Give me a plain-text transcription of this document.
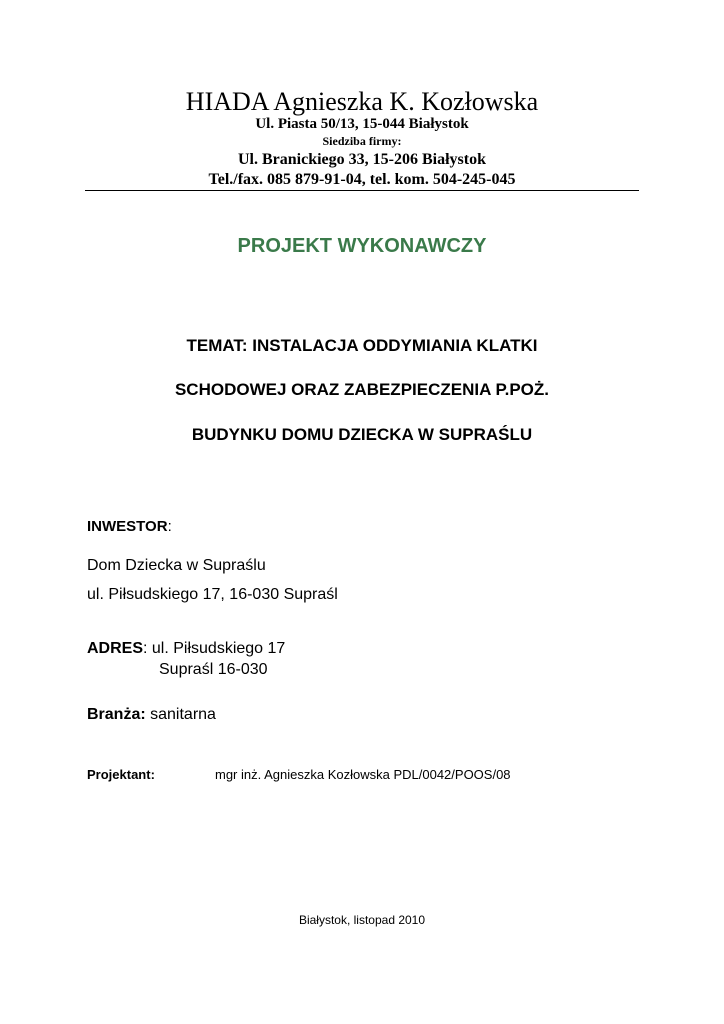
HIADA Agnieszka K. Kozłowska
Ul. Piasta 50/13, 15-044 Białystok
Siedziba firmy:
Ul. Branickiego 33, 15-206 Białystok
Tel./fax. 085 879-91-04, tel. kom. 504-245-045
PROJEKT WYKONAWCZY
TEMAT: INSTALACJA ODDYMIANIA KLATKI
SCHODOWEJ ORAZ ZABEZPIECZENIA P.POŻ.
BUDYNKU DOMU DZIECKA W SUPRAŚLU
INWESTOR:
Dom Dziecka w Supraślu
ul. Piłsudskiego 17, 16-030 Supraśl
ADRES: ul. Piłsudskiego 17
Supraśl 16-030
Branża: sanitarna
Projektant:	mgr inż. Agnieszka Kozłowska PDL/0042/POOS/08
Białystok, listopad 2010
